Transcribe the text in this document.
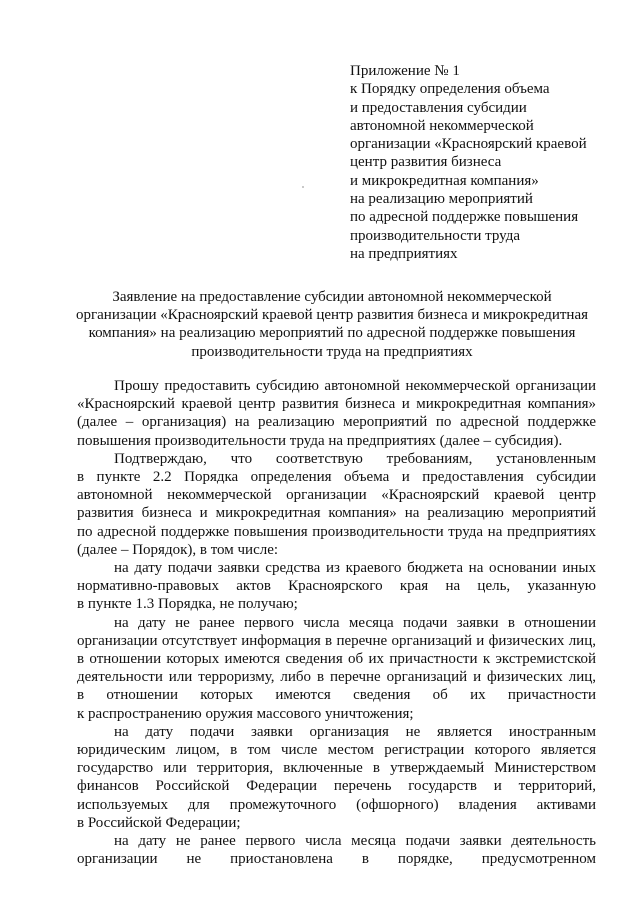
Приложение № 1
к Порядку определения объема
и предоставления субсидии
автономной некоммерческой
организации «Красноярский краевой
центр развития бизнеса
и микрокредитная компания»
на реализацию мероприятий
по адресной поддержке повышения
производительности труда
на предприятиях
Заявление на предоставление субсидии автономной некоммерческой
организации «Красноярский краевой центр развития бизнеса и микрокредитная
компания» на реализацию мероприятий по адресной поддержке повышения
производительности труда на предприятиях
Прошу предоставить субсидию автономной некоммерческой организации
«Красноярский краевой центр развития бизнеса и микрокредитная компания»
(далее – организация) на реализацию мероприятий по адресной поддержке
повышения производительности труда на предприятиях (далее – субсидия).
Подтверждаю, что соответствую требованиям, установленным
в пункте 2.2 Порядка определения объема и предоставления субсидии
автономной некоммерческой организации «Красноярский краевой центр
развития бизнеса и микрокредитная компания» на реализацию мероприятий
по адресной поддержке повышения производительности труда на предприятиях
(далее – Порядок), в том числе:
на дату подачи заявки средства из краевого бюджета на основании иных
нормативно-правовых актов Красноярского края на цель, указанную
в пункте 1.3 Порядка, не получаю;
на дату не ранее первого числа месяца подачи заявки в отношении
организации отсутствует информация в перечне организаций и физических лиц,
в отношении которых имеются сведения об их причастности к экстремистской
деятельности или терроризму, либо в перечне организаций и физических лиц,
в отношении которых имеются сведения об их причастности
к распространению оружия массового уничтожения;
на дату подачи заявки организация не является иностранным
юридическим лицом, в том числе местом регистрации которого является
государство или территория, включенные в утверждаемый Министерством
финансов Российской Федерации перечень государств и территорий,
используемых для промежуточного (офшорного) владения активами
в Российской Федерации;
на дату не ранее первого числа месяца подачи заявки деятельность
организации не приостановлена в порядке, предусмотренном
